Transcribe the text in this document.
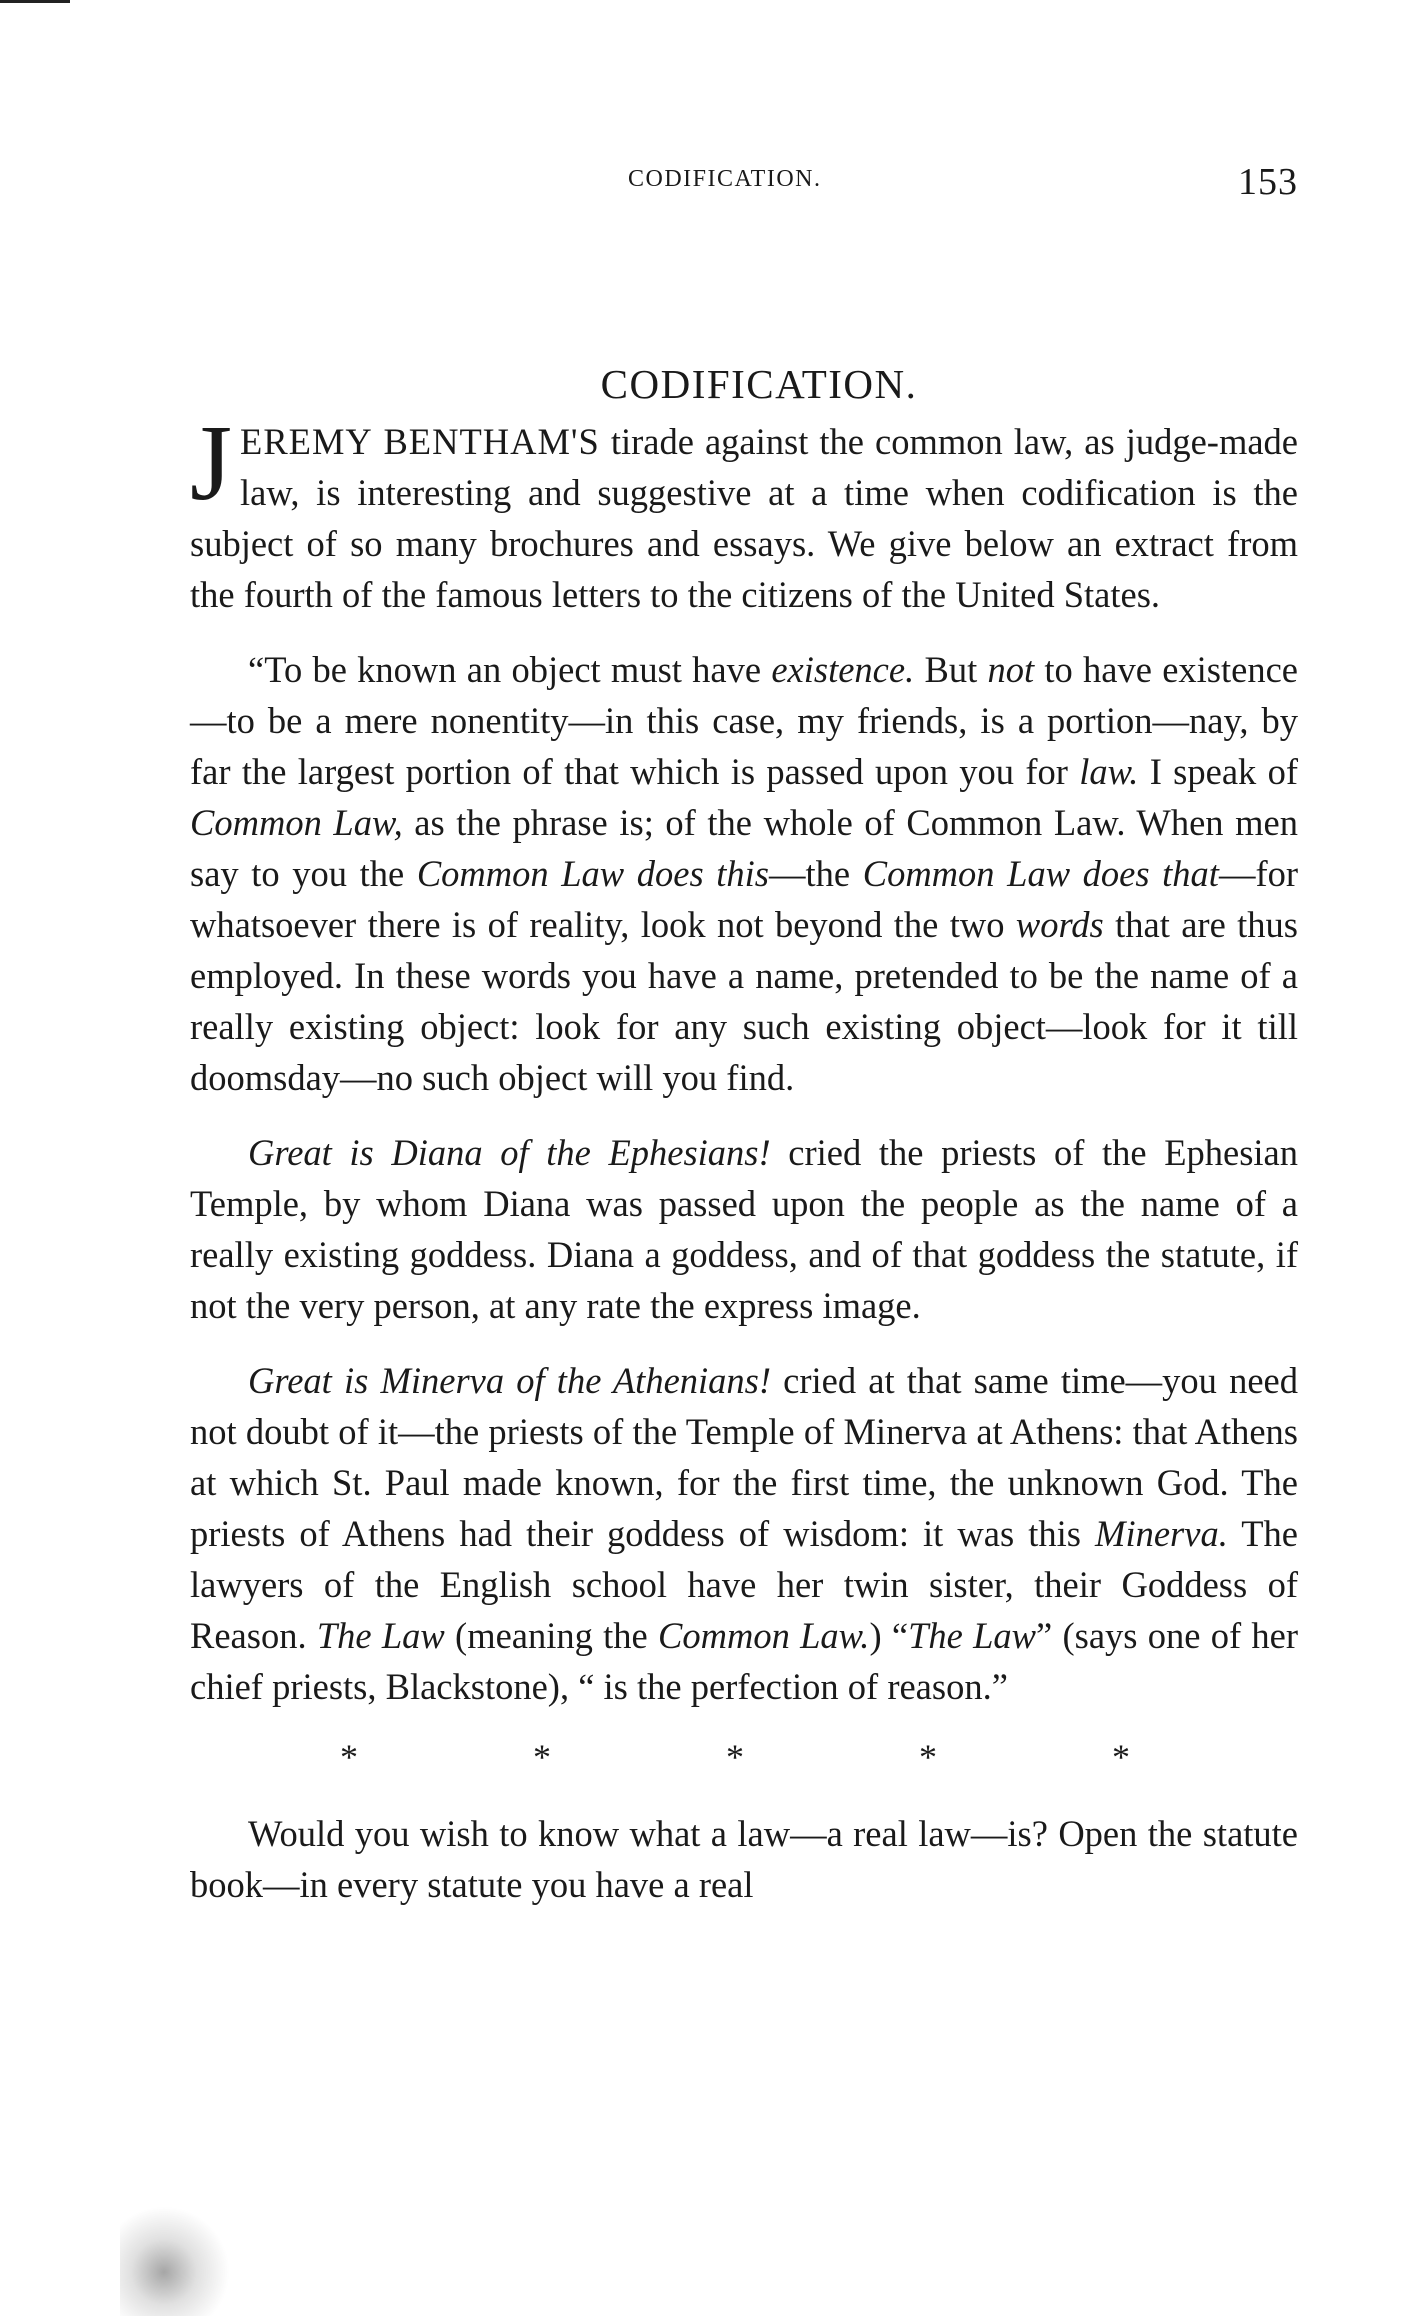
CODIFICATION.	153
CODIFICATION.

JEREMY BENTHAM'S tirade against the common law, as judge-made law, is interesting and suggestive at a time when codification is the subject of so many brochures and essays. We give below an extract from the fourth of the famous letters to the citizens of the United States.

“To be known an object must have existence. But not to have existence—to be a mere nonentity—in this case, my friends, is a portion—nay, by far the largest portion of that which is passed upon you for law. I speak of Common Law, as the phrase is; of the whole of Common Law. When men say to you the Common Law does this—the Common Law does that—for whatsoever there is of reality, look not beyond the two words that are thus employed. In these words you have a name, pretended to be the name of a really existing object: look for any such existing object—look for it till doomsday—no such object will you find.

Great is Diana of the Ephesians! cried the priests of the Ephesian Temple, by whom Diana was passed upon the people as the name of a really existing goddess. Diana a goddess, and of that goddess the statute, if not the very person, at any rate the express image.

Great is Minerva of the Athenians! cried at that same time—you need not doubt of it—the priests of the Temple of Minerva at Athens: that Athens at which St. Paul made known, for the first time, the unknown God. The priests of Athens had their goddess of wisdom: it was this Minerva. The lawyers of the English school have her twin sister, their Goddess of Reason. The Law (meaning the Common Law.) “The Law” (says one of her chief priests, Blackstone), “ is the perfection of reason.”

*	*	*	*	*

Would you wish to know what a law—a real law—is? Open the statute book—in every statute you have a real
